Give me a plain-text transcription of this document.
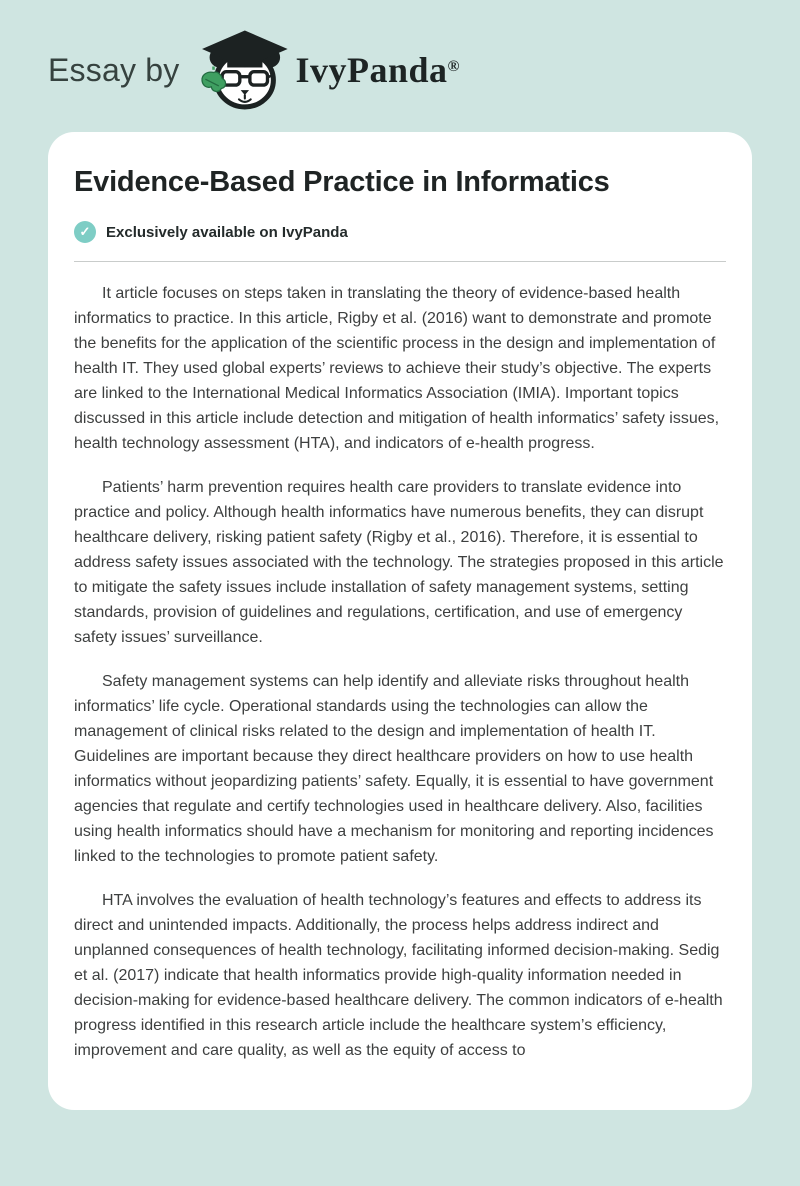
Essay by	IvyPanda®
Evidence-Based Practice in Informatics
✓	Exclusively available on IvyPanda

It article focuses on steps taken in translating the theory of evidence-based health informatics to practice. In this article, Rigby et al. (2016) want to demonstrate and promote the benefits for the application of the scientific process in the design and implementation of health IT. They used global experts’ reviews to achieve their study’s objective. The experts are linked to the International Medical Informatics Association (IMIA). Important topics discussed in this article include detection and mitigation of health informatics’ safety issues, health technology assessment (HTA), and indicators of e-health progress.

Patients’ harm prevention requires health care providers to translate evidence into practice and policy. Although health informatics have numerous benefits, they can disrupt healthcare delivery, risking patient safety (Rigby et al., 2016). Therefore, it is essential to address safety issues associated with the technology. The strategies proposed in this article to mitigate the safety issues include installation of safety management systems, setting standards, provision of guidelines and regulations, certification, and use of emergency safety issues’ surveillance.

Safety management systems can help identify and alleviate risks throughout health informatics’ life cycle. Operational standards using the technologies can allow the management of clinical risks related to the design and implementation of health IT. Guidelines are important because they direct healthcare providers on how to use health informatics without jeopardizing patients’ safety. Equally, it is essential to have government agencies that regulate and certify technologies used in healthcare delivery. Also, facilities using health informatics should have a mechanism for monitoring and reporting incidences linked to the technologies to promote patient safety.

HTA involves the evaluation of health technology’s features and effects to address its direct and unintended impacts. Additionally, the process helps address indirect and unplanned consequences of health technology, facilitating informed decision-making. Sedig et al. (2017) indicate that health informatics provide high-quality information needed in decision-making for evidence-based healthcare delivery. The common indicators of e-health progress identified in this research article include the healthcare system’s efficiency, improvement and care quality, as well as the equity of access to
